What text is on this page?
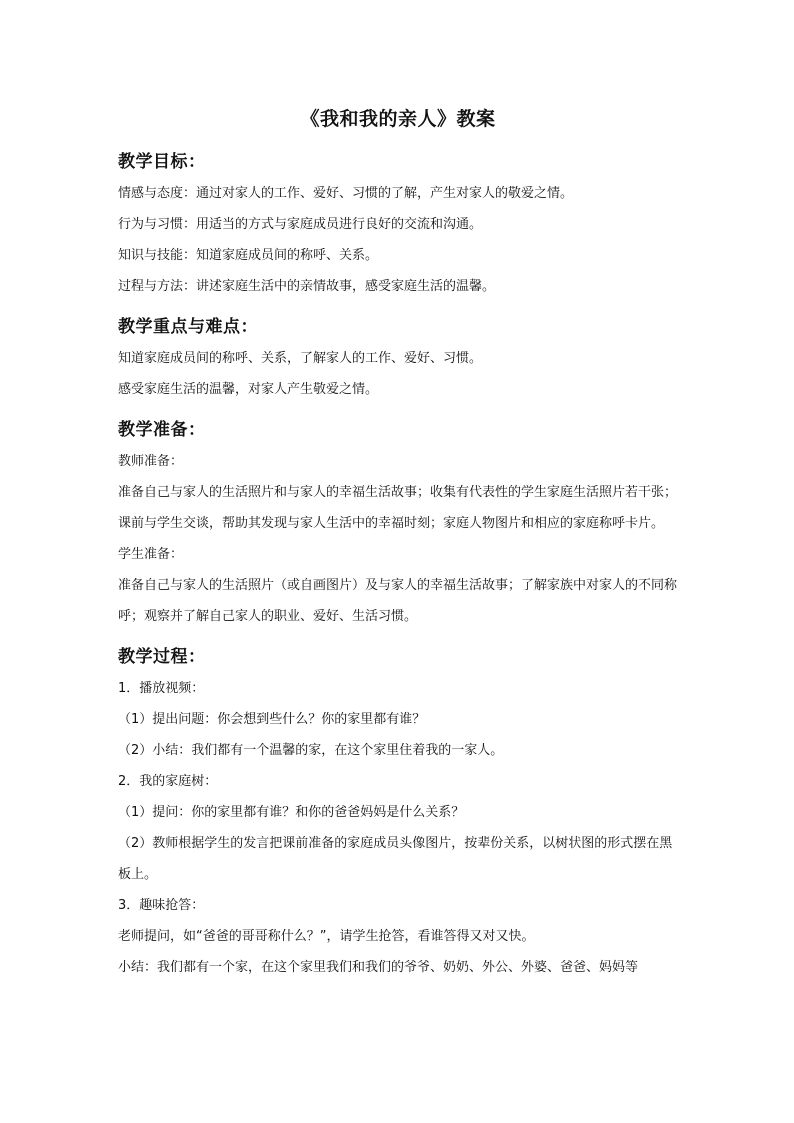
《我和我的亲人》教案
教学目标：

情感与态度：通过对家人的工作、爱好、习惯的了解，产生对家人的敬爱之情。

行为与习惯：用适当的方式与家庭成员进行良好的交流和沟通。

知识与技能：知道家庭成员间的称呼、关系。

过程与方法：讲述家庭生活中的亲情故事，感受家庭生活的温馨。

教学重点与难点：

知道家庭成员间的称呼、关系，了解家人的工作、爱好、习惯。

感受家庭生活的温馨，对家人产生敬爱之情。

教学准备：

教师准备：

准备自己与家人的生活照片和与家人的幸福生活故事；收集有代表性的学生家庭生活照片若干张；课前与学生交谈，帮助其发现与家人生活中的幸福时刻；家庭人物图片和相应的家庭称呼卡片。

学生准备：

准备自己与家人的生活照片（或自画图片）及与家人的幸福生活故事；了解家族中对家人的不同称呼；观察并了解自己家人的职业、爱好、生活习惯。

教学过程：

1．播放视频：

（1）提出问题：你会想到些什么？你的家里都有谁？

（2）小结：我们都有一个温馨的家，在这个家里住着我的一家人。

2．我的家庭树：

（1）提问：你的家里都有谁？和你的爸爸妈妈是什么关系？

（2）教师根据学生的发言把课前准备的家庭成员头像图片，按辈份关系，以树状图的形式摆在黑板上。

3．趣味抢答：

老师提问，如“爸爸的哥哥称什么？”，请学生抢答，看谁答得又对又快。

小结：我们都有一个家，在这个家里我们和我们的爷爷、奶奶、外公、外婆、爸爸、妈妈等
